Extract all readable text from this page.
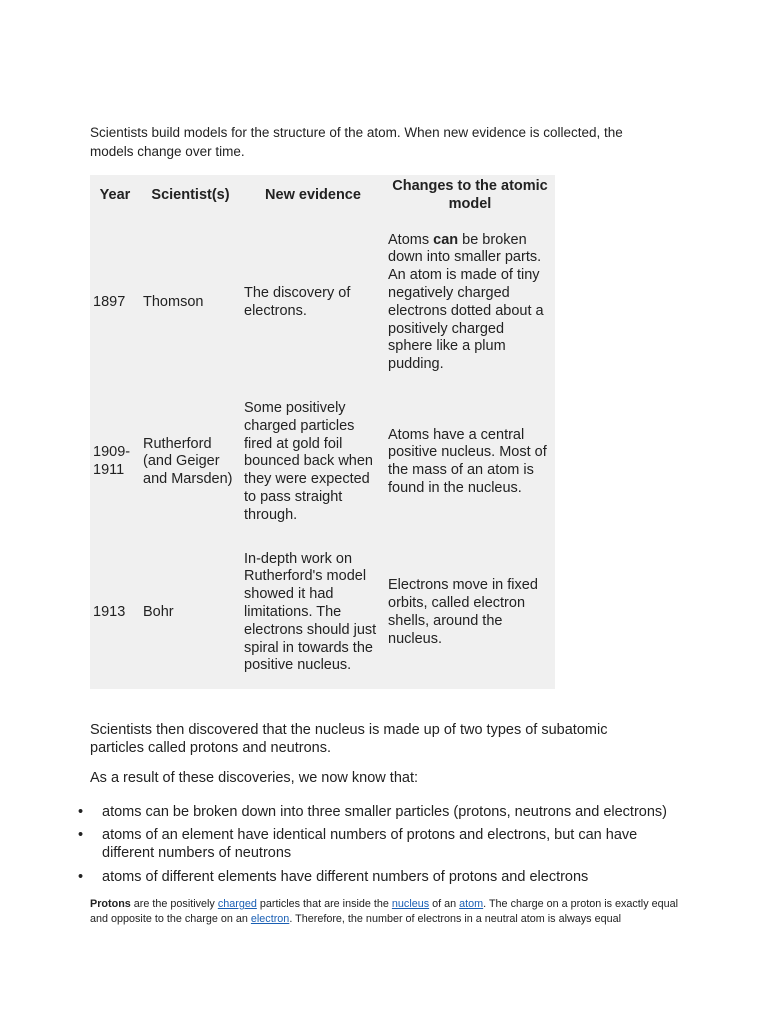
Scientists build models for the structure of the atom. When new evidence is collected, the models change over time.

Year	Scientist(s)	New evidence	Changes to the atomic model
1897	Thomson	The discovery of electrons.	Atoms can be broken down into smaller parts. An atom is made of tiny negatively charged electrons dotted about a positively charged sphere like a plum pudding.
1909-1911	Rutherford (and Geiger and Marsden)	Some positively charged particles fired at gold foil bounced back when they were expected to pass straight through.	Atoms have a central positive nucleus. Most of the mass of an atom is found in the nucleus.
1913	Bohr	In-depth work on Rutherford's model showed it had limitations. The electrons should just spiral in towards the positive nucleus.	Electrons move in fixed orbits, called electron shells, around the nucleus.

Scientists then discovered that the nucleus is made up of two types of subatomic particles called protons and neutrons.

As a result of these discoveries, we now know that:

• atoms can be broken down into three smaller particles (protons, neutrons and electrons)
• atoms of an element have identical numbers of protons and electrons, but can have different numbers of neutrons
• atoms of different elements have different numbers of protons and electrons
Protons are the positively charged particles that are inside the nucleus of an atom. The charge on a proton is exactly equal and opposite to the charge on an electron. Therefore, the number of electrons in a neutral atom is always equal
